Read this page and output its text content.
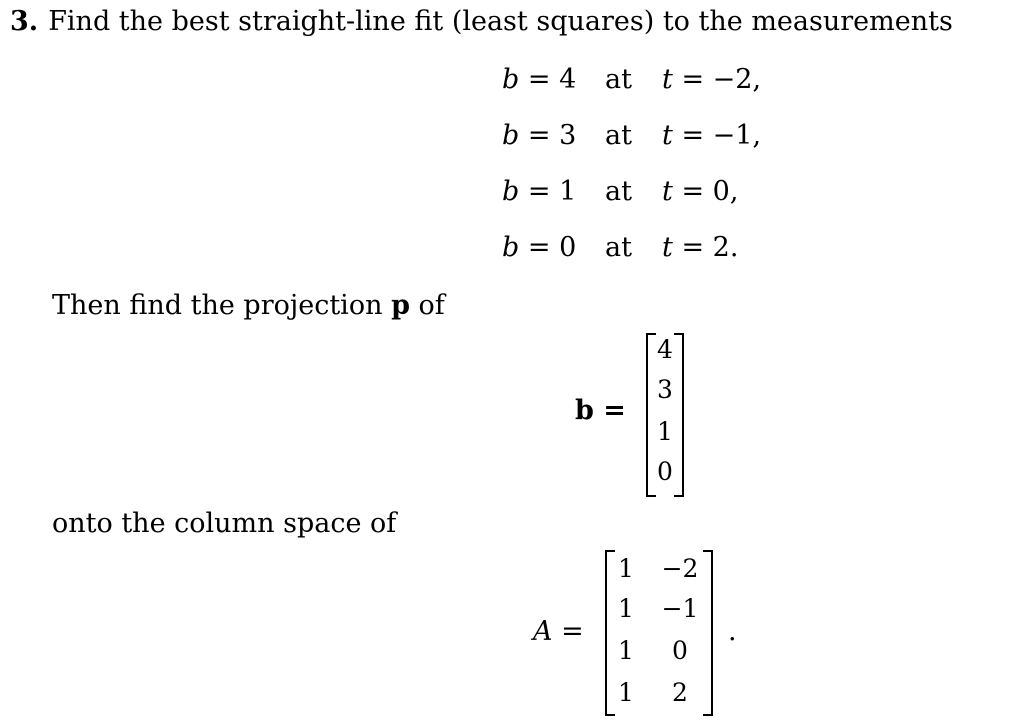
3. Find the best straight-line fit (least squares) to the measurements
b = 4 at	t = −2,
b = 3 at	t = −1,
b = 1 at	t = 0,
b = 0 at	t = 2.
Then find the projection p of
b =
4
3
1
0
onto the column space of
A =
1	−2
1	−1
1	0
1	2
.
